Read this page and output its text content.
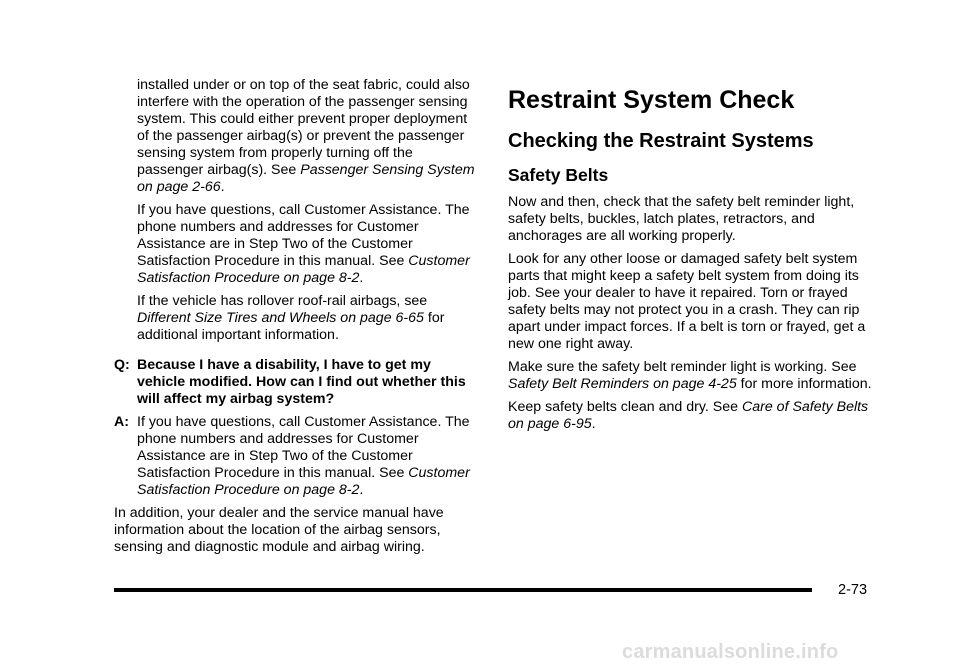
installed under or on top of the seat fabric, could also interfere with the operation of the passenger sensing system. This could either prevent proper deployment of the passenger airbag(s) or prevent the passenger sensing system from properly turning off the passenger airbag(s). See Passenger Sensing System on page 2-66.

If you have questions, call Customer Assistance. The phone numbers and addresses for Customer Assistance are in Step Two of the Customer Satisfaction Procedure in this manual. See Customer Satisfaction Procedure on page 8-2.

If the vehicle has rollover roof-rail airbags, see Different Size Tires and Wheels on page 6-65 for additional important information.

Q: Because I have a disability, I have to get my vehicle modified. How can I find out whether this will affect my airbag system?
A: If you have questions, call Customer Assistance. The phone numbers and addresses for Customer Assistance are in Step Two of the Customer Satisfaction Procedure in this manual. See Customer Satisfaction Procedure on page 8-2.

In addition, your dealer and the service manual have information about the location of the airbag sensors, sensing and diagnostic module and airbag wiring.

Restraint System Check
Checking the Restraint Systems
Safety Belts

Now and then, check that the safety belt reminder light, safety belts, buckles, latch plates, retractors, and anchorages are all working properly.

Look for any other loose or damaged safety belt system parts that might keep a safety belt system from doing its job. See your dealer to have it repaired. Torn or frayed safety belts may not protect you in a crash. They can rip apart under impact forces. If a belt is torn or frayed, get a new one right away.

Make sure the safety belt reminder light is working. See Safety Belt Reminders on page 4-25 for more information.

Keep safety belts clean and dry. See Care of Safety Belts on page 6-95.

2-73
carmanualsonline.info
